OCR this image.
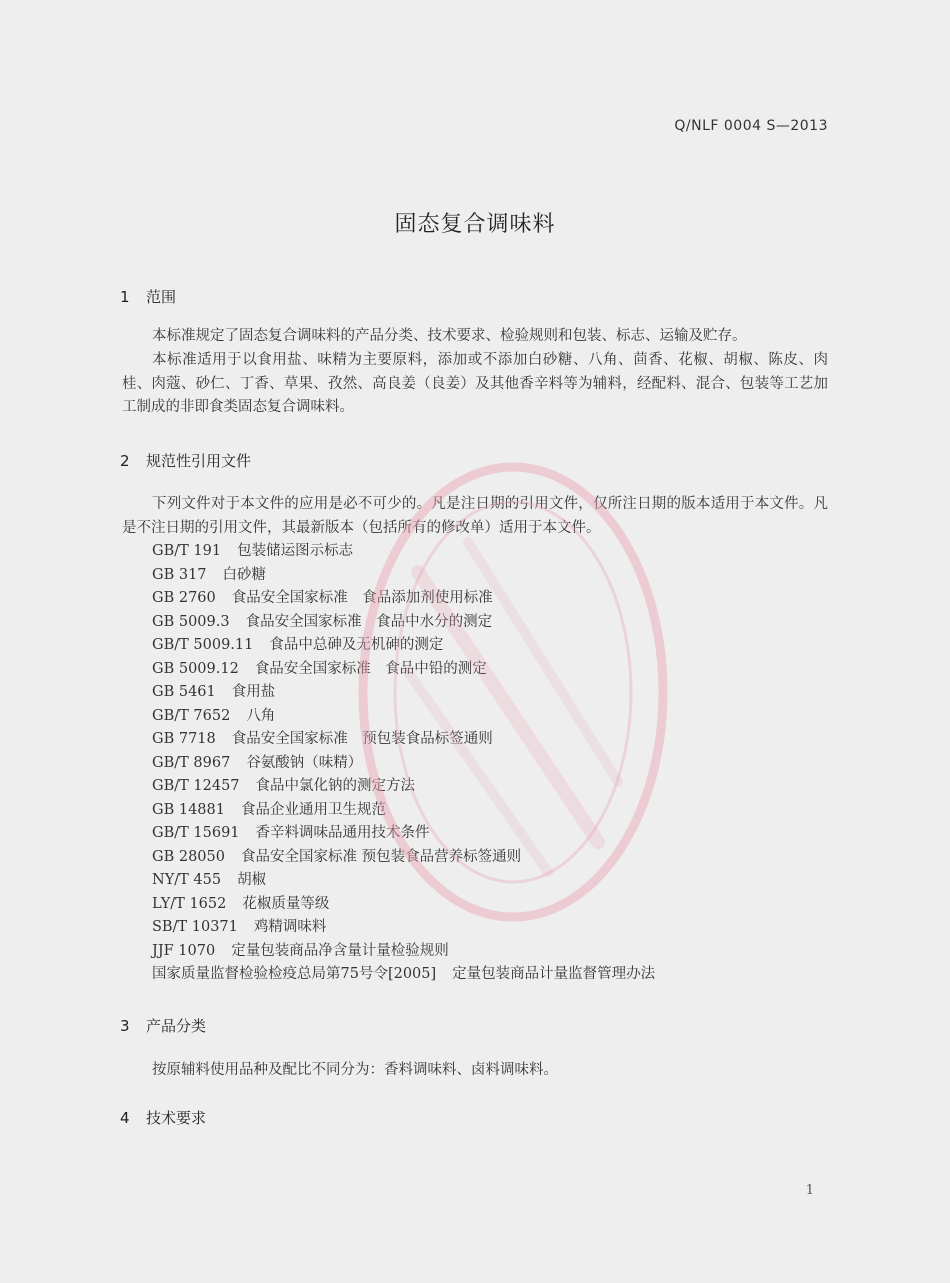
Q/NLF 0004 S—2013
固态复合调味料
1 范围
本标准规定了固态复合调味料的产品分类、技术要求、检验规则和包装、标志、运输及贮存。
本标准适用于以食用盐、味精为主要原料，添加或不添加白砂糖、八角、茴香、花椒、胡椒、陈皮、肉桂、肉蔻、砂仁、丁香、草果、孜然、高良姜（良姜）及其他香辛料等为辅料，经配料、混合、包装等工艺加工制成的非即食类固态复合调味料。
2 规范性引用文件
下列文件对于本文件的应用是必不可少的。凡是注日期的引用文件，仅所注日期的版本适用于本文件。凡是不注日期的引用文件，其最新版本（包括所有的修改单）适用于本文件。
GB/T 191 包装储运图示标志
GB 317 白砂糖
GB 2760 食品安全国家标准　食品添加剂使用标准
GB 5009.3 食品安全国家标准　食品中水分的测定
GB/T 5009.11 食品中总砷及无机砷的测定
GB 5009.12 食品安全国家标准　食品中铅的测定
GB 5461 食用盐
GB/T 7652 八角
GB 7718 食品安全国家标准　预包装食品标签通则
GB/T 8967 谷氨酸钠（味精）
GB/T 12457 食品中氯化钠的测定方法
GB 14881 食品企业通用卫生规范
GB/T 15691 香辛料调味品通用技术条件
GB 28050 食品安全国家标准 预包装食品营养标签通则
NY/T 455 胡椒
LY/T 1652 花椒质量等级
SB/T 10371 鸡精调味料
JJF 1070 定量包装商品净含量计量检验规则
国家质量监督检验检疫总局第75号令[2005] 定量包装商品计量监督管理办法
3 产品分类
按原辅料使用品种及配比不同分为：香料调味料、卤料调味料。
4 技术要求
1
